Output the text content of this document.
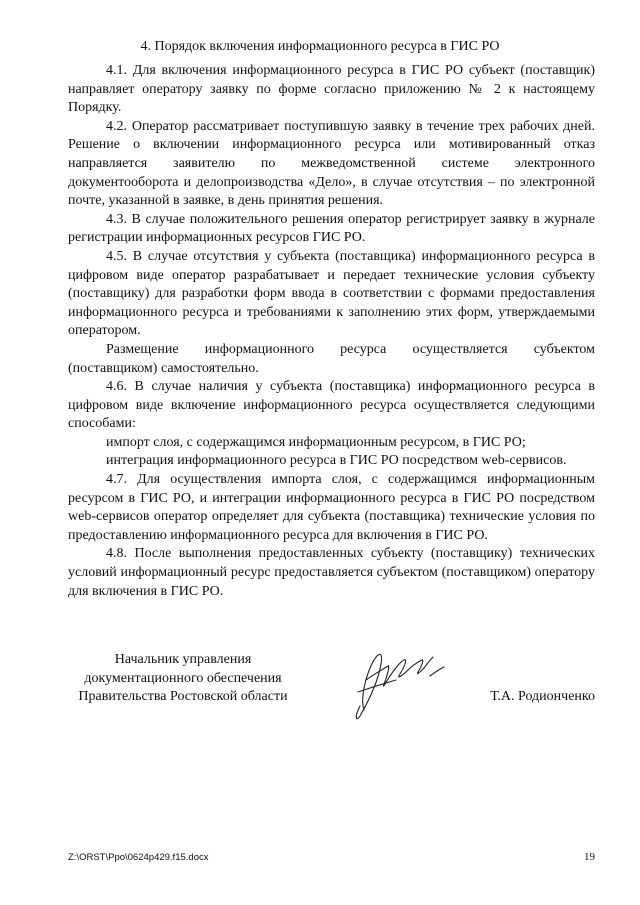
4. Порядок включения информационного ресурса в ГИС РО

4.1. Для включения информационного ресурса в ГИС РО субъект (поставщик) направляет оператору заявку по форме согласно приложению № 2 к настоящему Порядку.

4.2. Оператор рассматривает поступившую заявку в течение трех рабочих дней. Решение о включении информационного ресурса или мотивированный отказ направляется заявителю по межведомственной системе электронного документооборота и делопроизводства «Дело», в случае отсутствия – по электронной почте, указанной в заявке, в день принятия решения.

4.3. В случае положительного решения оператор регистрирует заявку в журнале регистрации информационных ресурсов ГИС РО.

4.5. В случае отсутствия у субъекта (поставщика) информационного ресурса в цифровом виде оператор разрабатывает и передает технические условия субъекту (поставщику) для разработки форм ввода в соответствии с формами предоставления информационного ресурса и требованиями к заполнению этих форм, утверждаемыми оператором.

Размещение информационного ресурса осуществляется субъектом (поставщиком) самостоятельно.

4.6. В случае наличия у субъекта (поставщика) информационного ресурса в цифровом виде включение информационного ресурса осуществляется следующими способами:

импорт слоя, с содержащимся информационным ресурсом, в ГИС РО;

интеграция информационного ресурса в ГИС РО посредством web-сервисов.

4.7. Для осуществления импорта слоя, с содержащимся информационным ресурсом в ГИС РО, и интеграции информационного ресурса в ГИС РО посредством web-сервисов оператор определяет для субъекта (поставщика) технические условия по предоставлению информационного ресурса для включения в ГИС РО.

4.8. После выполнения предоставленных субъекту (поставщику) технических условий информационный ресурс предоставляется субъектом (поставщиком) оператору для включения в ГИС РО.

Начальник управления
документационного обеспечения
Правительства Ростовской области	Т.А. Родионченко
Z:\ORST\Ppo\0624p429.f15.docx	19
